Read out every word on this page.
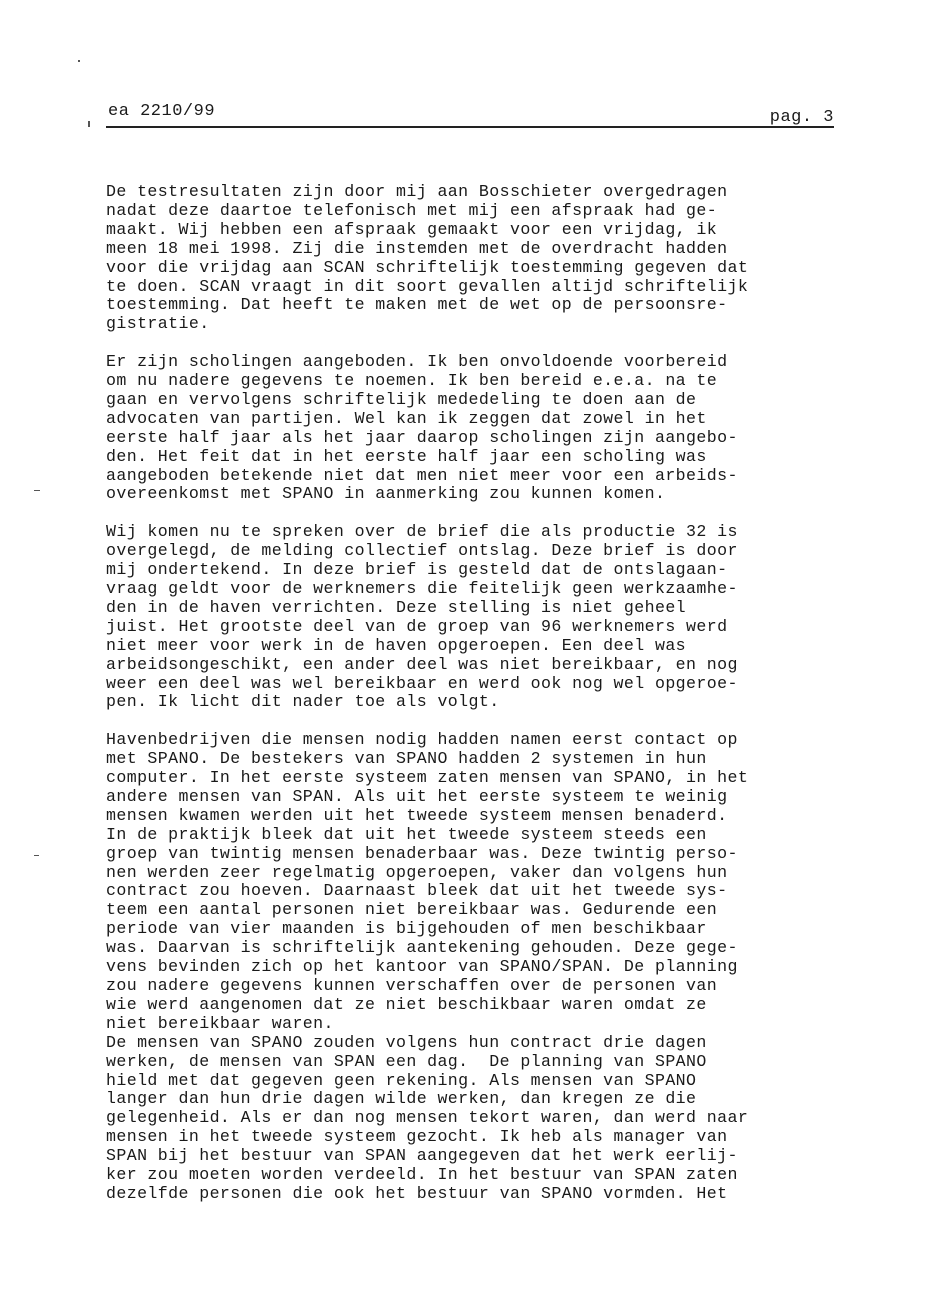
ea 2210/99	pag. 3
De testresultaten zijn door mij aan Bosschieter overgedragen
nadat deze daartoe telefonisch met mij een afspraak had ge-
maakt. Wij hebben een afspraak gemaakt voor een vrijdag, ik
meen 18 mei 1998. Zij die instemden met de overdracht hadden
voor die vrijdag aan SCAN schriftelijk toestemming gegeven dat
te doen. SCAN vraagt in dit soort gevallen altijd schriftelijk
toestemming. Dat heeft te maken met de wet op de persoonsre-
gistratie.
Er zijn scholingen aangeboden. Ik ben onvoldoende voorbereid
om nu nadere gegevens te noemen. Ik ben bereid e.e.a. na te
gaan en vervolgens schriftelijk mededeling te doen aan de
advocaten van partijen. Wel kan ik zeggen dat zowel in het
eerste half jaar als het jaar daarop scholingen zijn aangebo-
den. Het feit dat in het eerste half jaar een scholing was
aangeboden betekende niet dat men niet meer voor een arbeids-
overeenkomst met SPANO in aanmerking zou kunnen komen.
Wij komen nu te spreken over de brief die als productie 32 is
overgelegd, de melding collectief ontslag. Deze brief is door
mij ondertekend. In deze brief is gesteld dat de ontslagaan-
vraag geldt voor de werknemers die feitelijk geen werkzaamhe-
den in de haven verrichten. Deze stelling is niet geheel
juist. Het grootste deel van de groep van 96 werknemers werd
niet meer voor werk in de haven opgeroepen. Een deel was
arbeidsongeschikt, een ander deel was niet bereikbaar, en nog
weer een deel was wel bereikbaar en werd ook nog wel opgeroe-
pen. Ik licht dit nader toe als volgt.
Havenbedrijven die mensen nodig hadden namen eerst contact op
met SPANO. De bestekers van SPANO hadden 2 systemen in hun
computer. In het eerste systeem zaten mensen van SPANO, in het
andere mensen van SPAN. Als uit het eerste systeem te weinig
mensen kwamen werden uit het tweede systeem mensen benaderd.
In de praktijk bleek dat uit het tweede systeem steeds een
groep van twintig mensen benaderbaar was. Deze twintig perso-
nen werden zeer regelmatig opgeroepen, vaker dan volgens hun
contract zou hoeven. Daarnaast bleek dat uit het tweede sys-
teem een aantal personen niet bereikbaar was. Gedurende een
periode van vier maanden is bijgehouden of men beschikbaar
was. Daarvan is schriftelijk aantekening gehouden. Deze gege-
vens bevinden zich op het kantoor van SPANO/SPAN. De planning
zou nadere gegevens kunnen verschaffen over de personen van
wie werd aangenomen dat ze niet beschikbaar waren omdat ze
niet bereikbaar waren.
De mensen van SPANO zouden volgens hun contract drie dagen
werken, de mensen van SPAN een dag.  De planning van SPANO
hield met dat gegeven geen rekening. Als mensen van SPANO
langer dan hun drie dagen wilde werken, dan kregen ze die
gelegenheid. Als er dan nog mensen tekort waren, dan werd naar
mensen in het tweede systeem gezocht. Ik heb als manager van
SPAN bij het bestuur van SPAN aangegeven dat het werk eerlij-
ker zou moeten worden verdeeld. In het bestuur van SPAN zaten
dezelfde personen die ook het bestuur van SPANO vormden. Het
